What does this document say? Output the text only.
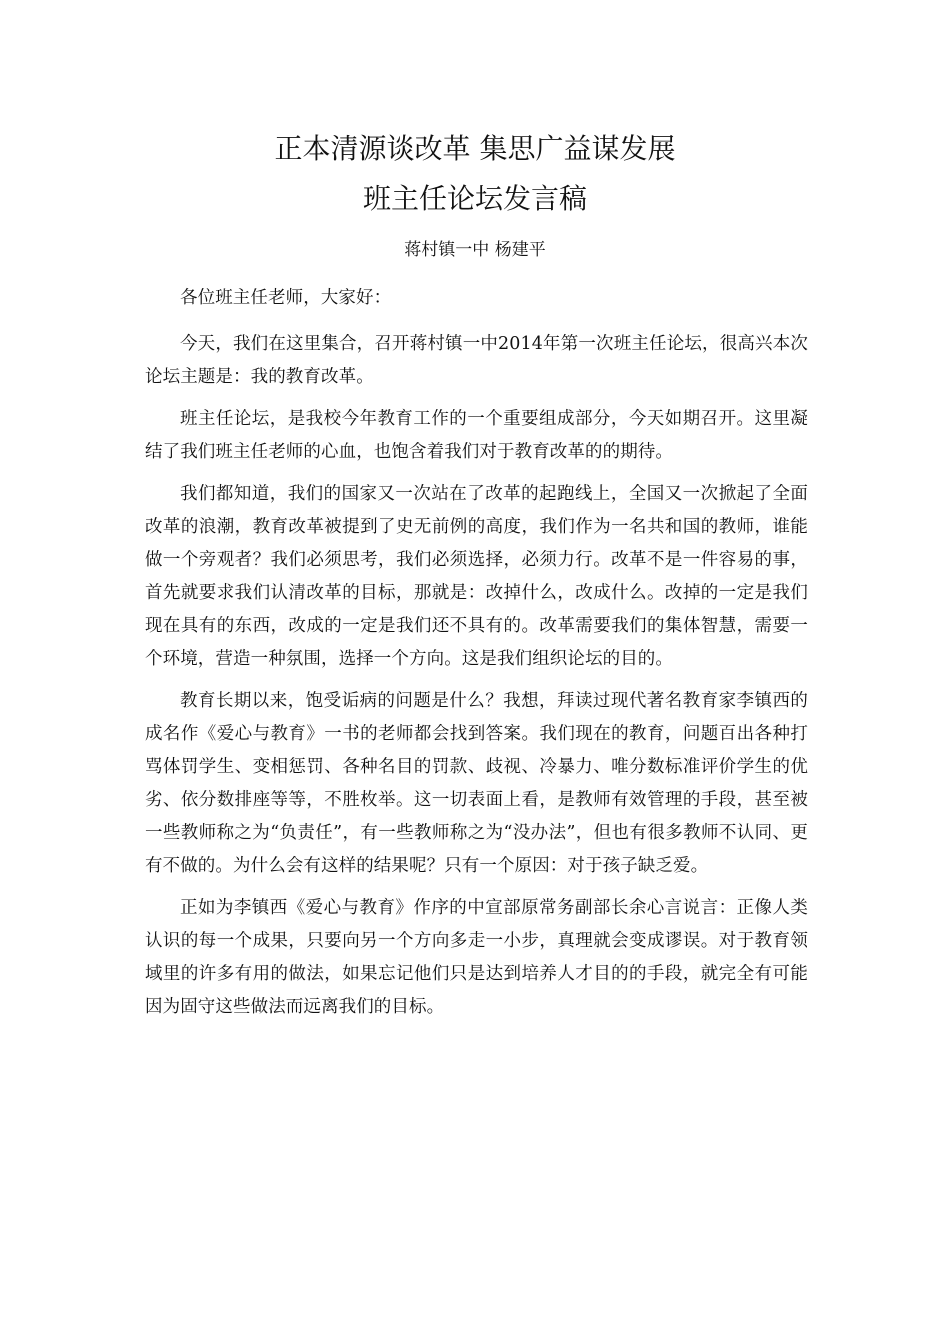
正本清源谈改革 集思广益谋发展
班主任论坛发言稿
蒋村镇一中 杨建平

各位班主任老师，大家好：

今天，我们在这里集合，召开蒋村镇一中2014年第一次班主任论坛，很高兴本次论坛主题是：我的教育改革。

班主任论坛，是我校今年教育工作的一个重要组成部分，今天如期召开。这里凝结了我们班主任老师的心血，也饱含着我们对于教育改革的的期待。

我们都知道，我们的国家又一次站在了改革的起跑线上，全国又一次掀起了全面改革的浪潮，教育改革被提到了史无前例的高度，我们作为一名共和国的教师，谁能做一个旁观者？我们必须思考，我们必须选择，必须力行。改革不是一件容易的事，首先就要求我们认清改革的目标，那就是：改掉什么，改成什么。改掉的一定是我们现在具有的东西，改成的一定是我们还不具有的。改革需要我们的集体智慧，需要一个环境，营造一种氛围，选择一个方向。这是我们组织论坛的目的。

教育长期以来，饱受诟病的问题是什么？我想，拜读过现代著名教育家李镇西的成名作《爱心与教育》一书的老师都会找到答案。我们现在的教育，问题百出各种打骂体罚学生、变相惩罚、各种名目的罚款、歧视、冷暴力、唯分数标准评价学生的优劣、依分数排座等等，不胜枚举。这一切表面上看，是教师有效管理的手段，甚至被一些教师称之为“负责任”，有一些教师称之为“没办法”，但也有很多教师不认同、更有不做的。为什么会有这样的结果呢？只有一个原因：对于孩子缺乏爱。

正如为李镇西《爱心与教育》作序的中宣部原常务副部长余心言说言：正像人类认识的每一个成果，只要向另一个方向多走一小步，真理就会变成谬误。对于教育领域里的许多有用的做法，如果忘记他们只是达到培养人才目的的手段，就完全有可能因为固守这些做法而远离我们的目标。
